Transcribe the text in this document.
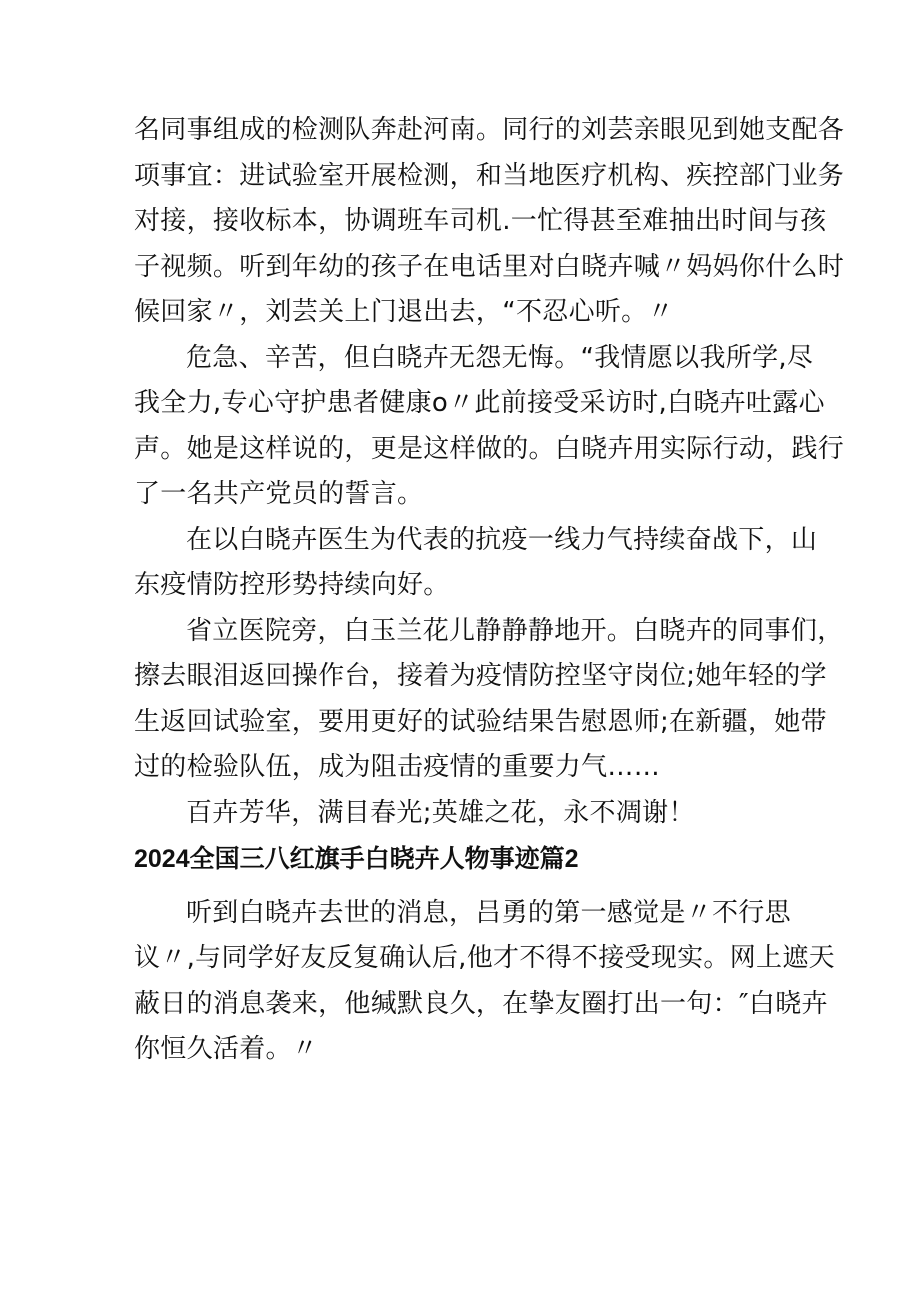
名同事组成的检测队奔赴河南。同行的刘芸亲眼见到她支配各
项事宜：进试验室开展检测，和当地医疗机构、疾控部门业务
对接，接收标本，协调班车司机.一忙得甚至难抽出时间与孩
子视频。听到年幼的孩子在电话里对白晓卉喊〃妈妈你什么时
候回家〃，刘芸关上门退出去，“不忍心听。〃

危急、辛苦，但白晓卉无怨无悔。“我情愿以我所学,尽
我全力,专心守护患者健康o〃此前接受采访时,白晓卉吐露心
声。她是这样说的，更是这样做的。白晓卉用实际行动，践行
了一名共产党员的誓言。

在以白晓卉医生为代表的抗疫一线力气持续奋战下，山
东疫情防控形势持续向好。

省立医院旁，白玉兰花儿静静静地开。白晓卉的同事们，
擦去眼泪返回操作台，接着为疫情防控坚守岗位;她年轻的学
生返回试验室，要用更好的试验结果告慰恩师;在新疆，她带
过的检验队伍，成为阻击疫情的重要力气……

百卉芳华，满目春光;英雄之花，永不凋谢！

2024全国三八红旗手白晓卉人物事迹篇2

听到白晓卉去世的消息，吕勇的第一感觉是〃不行思
议〃,与同学好友反复确认后,他才不得不接受现实。网上遮天
蔽日的消息袭来，他缄默良久，在挚友圈打出一句：″白晓卉
你恒久活着。〃
